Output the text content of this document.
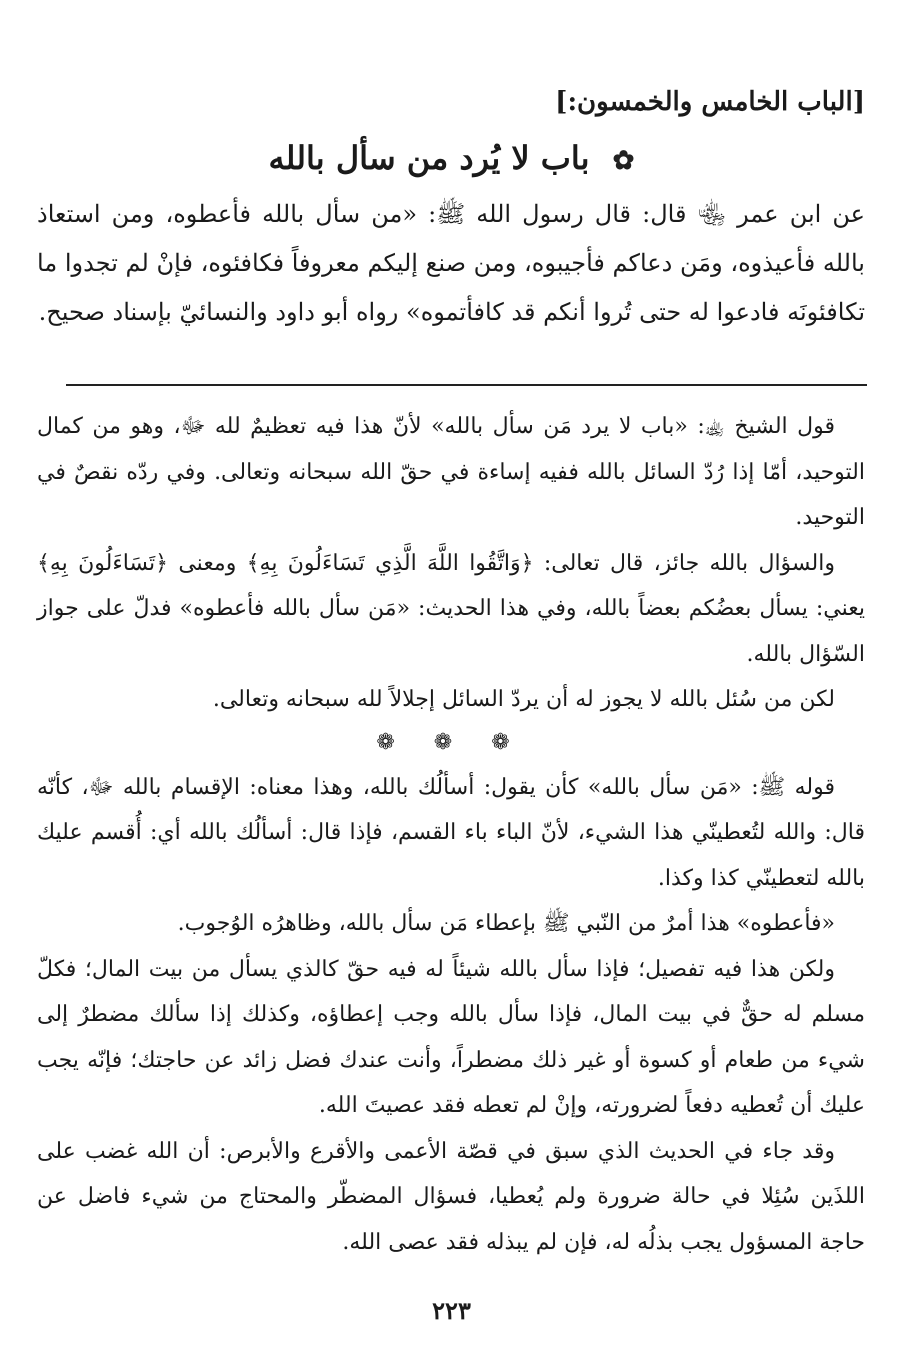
[الباب الخامس والخمسون:]
✿ باب لا يُرد من سأل بالله
عن ابن عمر ﵄ قال: قال رسول الله ﷺ: «من سأل بالله فأعطوه، ومن استعاذ بالله فأعيذوه، ومَن دعاكم فأجيبوه، ومن صنع إليكم معروفاً فكافئوه، فإنْ لم تجدوا ما تكافئونَه فادعوا له حتى تُروا أنكم قد كافأتموه» رواه أبو داود والنسائيّ بإسناد صحيح.

قول الشيخ ﵀: «باب لا يرد مَن سأل بالله» لأنّ هذا فيه تعظيمٌ لله ﷻ، وهو من كمال التوحيد، أمّا إذا رُدّ السائل بالله ففيه إساءة في حقّ الله سبحانه وتعالى. وفي ردّه نقصٌ في التوحيد.

والسؤال بالله جائز، قال تعالى: ﴿وَاتَّقُوا اللَّهَ الَّذِي تَسَاءَلُونَ بِهِ﴾ ومعنى ﴿تَسَاءَلُونَ بِهِ﴾ يعني: يسأل بعضُكم بعضاً بالله، وفي هذا الحديث: «مَن سأل بالله فأعطوه» فدلّ على جواز السّؤال بالله.

لكن من سُئل بالله لا يجوز له أن يردّ السائل إجلالاً لله سبحانه وتعالى.

❁ ❁ ❁

قوله ﷺ: «مَن سأل بالله» كأن يقول: أسألُك بالله، وهذا معناه: الإقسام بالله ﷻ، كأنّه قال: والله لتُعطينّي هذا الشيء، لأنّ الباء باء القسم، فإذا قال: أسألُك بالله أي: أُقسم عليك بالله لتعطينّي كذا وكذا.

«فأعطوه» هذا أمرٌ من النّبي ﷺ بإعطاء مَن سأل بالله، وظاهرُه الوُجوب.

ولكن هذا فيه تفصيل؛ فإذا سأل بالله شيئاً له فيه حقّ كالذي يسأل من بيت المال؛ فكلّ مسلم له حقٌّ في بيت المال، فإذا سأل بالله وجب إعطاؤه، وكذلك إذا سألك مضطرٌ إلى شيء من طعام أو كسوة أو غير ذلك مضطراً، وأنت عندك فضل زائد عن حاجتك؛ فإنّه يجب عليك أن تُعطيه دفعاً لضرورته، وإنْ لم تعطه فقد عصيتَ الله.

وقد جاء في الحديث الذي سبق في قصّة الأعمى والأقرع والأبرص: أن الله غضب على اللذَين سُئِلا في حالة ضرورة ولم يُعطيا، فسؤال المضطّر والمحتاج من شيء فاضل عن حاجة المسؤول يجب بذلُه له، فإن لم يبذله فقد عصى الله.

٢٢٣
